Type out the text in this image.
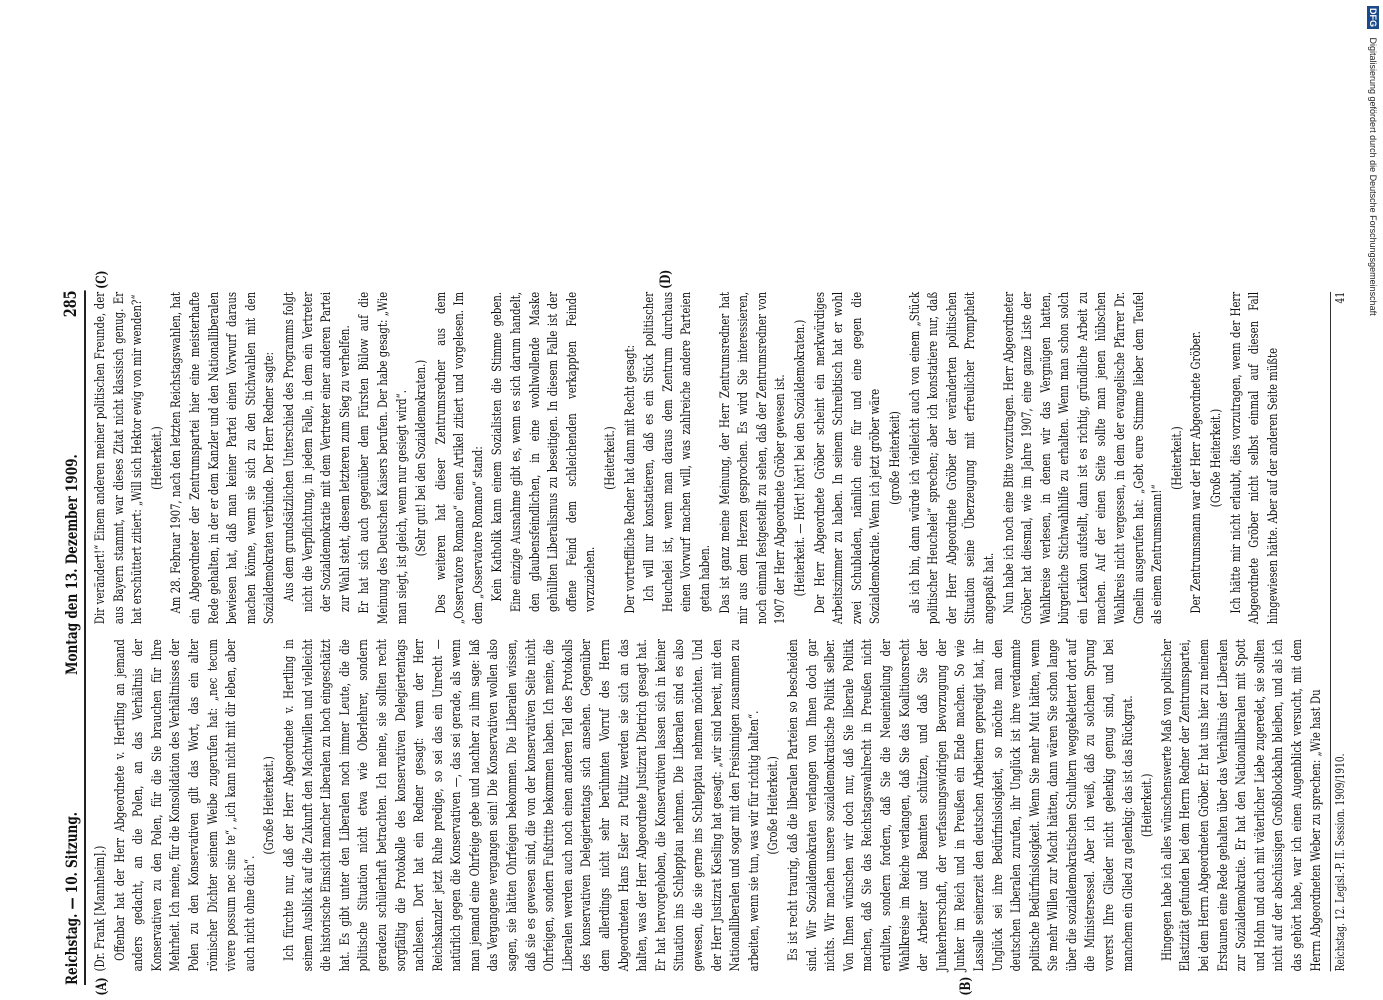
Reichstag. — 10. Sitzung.
Montag den 13. Dezember 1909.
285
(A)	(B)
(C)	(D)

(Dr. Frank [Mannheim].) Offenbar hat der Herr Abgeordnete v. Hertling an jemand anders gedacht, an die Polen, an das Verhältnis der Konservativen zu den Polen, für die Sie brauchen für Ihre Mehrheit. Ich meine, für die Konsolidation des Verhältnisses der Polen zu den Konservativen gilt das Wort, das ein alter römischer Dichter seinem Weibe zugerufen hat: „nec tecum vivere possum nec sine te“, „ich kann nicht mit dir leben, aber auch nicht ohne dich“.

(Große Heiterkeit.) Ich fürchte nur, daß der Herr Abgeordnete v. Hertling in seinem Ausblick auf die Zukunft den Machtwillen und vielleicht die historische Einsicht mancher Liberalen zu hoch eingeschätzt hat. Es gibt unter den Liberalen noch immer Leute, die die politische Situation nicht etwa wie Oberlehrer, sondern geradezu schülerhaft betrachten. Ich meine, sie sollten recht sorgfältig die Protokolle des konservativen Delegiertentags nachlesen. Dort hat ein Redner gesagt: wenn der Herr Reichskanzler jetzt Ruhe predige, so sei das ein Unrecht — natürlich gegen die Konservativen —, das sei gerade, als wenn man jemand eine Ohrfeige gebe und nachher zu ihm sage: laß das Vergangene vergangen sein! Die Konservativen wollen also sagen, sie hätten Ohrfeigen bekommen. Die Liberalen wissen, daß sie es gewesen sind, die von der konservativen Seite nicht Ohrfeigen, sondern Fußtritte bekommen haben. Ich meine, die Liberalen werden auch noch einen anderen Teil des Protokolls des konservativen Delegiertentags sich ansehen. Gegenüber dem allerdings nicht sehr berühmten Vorruf des Herrn Abgeordneten Hans Esler zu Putlitz werden sie sich an das halten, was der Herr Abgeordnete Justizrat Dietrich gesagt hat. Er hat hervorgehoben, die Konservativen lassen sich in keiner Situation ins Schlepptau nehmen. Die Liberalen sind es also gewesen, die sie gerne ins Schlepptau nehmen möchten. Und der Herr Justizrat Kiesling hat gesagt: „wir sind bereit, mit den Nationalliberalen und sogar mit den Freisinnigen zusammen zu arbeiten, wenn sie tun, was wir für richtig halten“. (Große Heiterkeit.) Es ist recht traurig, daß die liberalen Parteien so bescheiden sind. Wir Sozialdemokraten verlangen von Ihnen doch gar nichts. Wir machen unsere sozialdemokratische Politik selber. Von Ihnen wünschen wir doch nur, daß Sie liberale Politik machen, daß Sie das Reichstagswahlrecht in Preußen nicht erdulten, sondern fordern, daß Sie die Neueinteilung der Wahlkreise im Reiche verlangen, daß Sie das Koalitionsrecht der Arbeiter und Beamten schützen, und daß Sie der Junkerherrschaft, der verfassungswidrigen Bevorzugung der Junker im Reich und in Preußen ein Ende machen. So wie Lassalle seinerzeit den deutschen Arbeitern gepredigt hat, ihr Unglück sei ihre Bedürfnislosigkeit, so möchte man den deutschen Liberalen zurufen, ihr Unglück ist ihre verdammte politische Bedürfnislosigkeit. Wenn Sie mehr Mut hätten, wenn Sie mehr Willen zur Macht hätten, dann wären Sie schon lange über die sozialdemokratischen Schultern weggeklettert dort auf die Ministersessel. Aber ich weiß, daß zu solchem Sprung vorerst Ihre Glieder nicht gelenkig genug sind, und bei manchem ein Glied zu gelenkig: das ist das Rückgrat. (Heiterkeit.) Hingegen habe ich alles wünschenswerte Maß von politischer Elastizität gefunden bei dem Herrn Redner der Zentrumspartei, bei dem Herrn Abgeordneten Gröber. Er hat uns hier zu meinem Erstaunen eine Rede gehalten über das Verhältnis der Liberalen zur Sozialdemokratie. Er hat den Nationalliberalen mit Spott und Hohn und auch mit väterlicher Liebe zugeredet, sie sollten nicht auf der abschüssigen Großblockbahn bleiben, und als ich das gehört habe, war ich einen Augenblick versucht, mit dem Herrn Abgeordneten Weber zu sprechen: „Wie hast Du

Dir verändert!“ Einem anderen meiner politischen Freunde, der aus Bayern stammt, war dieses Zitat nicht klassisch genug. Er hat erschüttert zitiert: „Will sich Hektor ewig von mir wenden?“ (Heiterkeit.) Am 28. Februar 1907, nach den letzten Reichstagswahlen, hat ein Abgeordneter der Zentrumspartei hier eine meisterhafte Rede gehalten, in der er dem Kanzler und den Nationalliberalen bewiesen hat, daß man keiner Partei einen Vorwurf daraus machen könne, wenn sie sich zu den Stichwahlen mit den Sozialdemokraten verbünde. Der Herr Redner sagte: Aus dem grundsätzlichen Unterschied des Programms folgt nicht die Verpflichtung, in jedem Falle, in dem ein Vertreter der Sozialdemokratie mit dem Vertreter einer anderen Partei zur Wahl steht, diesem letzteren zum Sieg zu verhelfen. Er hat sich auch gegenüber dem Fürsten Bülow auf die Meinung des Deutschen Kaisers berufen. Der habe gesagt: „Wie man siegt, ist gleich, wenn nur gesiegt wird“. (Sehr gut! bei den Sozialdemokraten.) Des weiteren hat dieser Zentrumsredner aus dem „Osservatore Romano“ einen Artikel zitiert und vorgelesen. Im dem „Osservatore Romano“ stand: Kein Katholik kann einem Sozialisten die Stimme geben. Eine einzige Ausnahme gibt es, wenn es sich darum handelt, den glaubensfeindlichen, in eine wohlwollende Maske gehüllten Liberalismus zu beseitigen. In diesem Falle ist der offene Feind dem schleichenden verkappten Feinde vorzuziehen.

(Heiterkeit.) Der vortreffliche Redner hat dann mit Recht gesagt: Ich will nur konstatieren, daß es ein Stück politischer Heuchelei ist, wenn man daraus dem Zentrum durchaus einen Vorwurf machen will, was zahlreiche andere Parteien getan haben. Das ist ganz meine Meinung, der Herr Zentrumsredner hat mir aus dem Herzen gesprochen. Es wird Sie interessieren, noch einmal festgestellt zu sehen, daß der Zentrumsredner von 1907 der Herr Abgeordnete Gröber gewesen ist. (Heiterkeit. — Hört! hört! bei den Sozialdemokraten.) Der Herr Abgeordnete Gröber scheint ein merkwürdiges Arbeitszimmer zu haben. In seinem Schreibtisch hat er wohl zwei Schubladen, nämlich eine für und eine gegen die Sozialdemokratie. Wenn ich jetzt gröber wäre (große Heiterkeit) als ich bin, dann würde ich vielleicht auch von einem „Stück politischer Heuchelei“ sprechen; aber ich konstatiere nur, daß der Herr Abgeordnete Gröber der veränderten politischen Situation seine Überzeugung mit erfreulicher Promptheit angepaßt hat. Nun habe ich noch eine Bitte vorzutragen. Herr Abgeordneter Gröber hat diesmal, wie im Jahre 1907, eine ganze Liste der Wahlkreise verlesen, in denen wir das Vergnügen hatten, bürgerliche Stichwahlhilfe zu erhalten. Wenn man schon solch ein Lexikon aufstellt, dann ist es richtig, gründliche Arbeit zu machen. Auf der einen Seite sollte man jenen hübschen Wahlkreis nicht vergessen, in dem der evangelische Pfarrer Dr. Gmelin ausgerufen hat: „Gebt eure Stimme lieber dem Teufel als einem Zentrumsmann!“

(Heiterkeit.) Der Zentrumsmann war der Herr Abgeordnete Gröber. (Große Heiterkeit.) Ich hätte mir nicht erlaubt, dies vorzutragen, wenn der Herr Abgeordnete Gröber nicht selbst einmal auf diesen Fall hingewiesen hätte. Aber auf der anderen Seite müßte

Reichstag. 12. Legisl.-P. II. Session. 1909/1910.
41
DFG Digitalisierung gefördert durch die Deutsche Forschungsgemeinschaft
